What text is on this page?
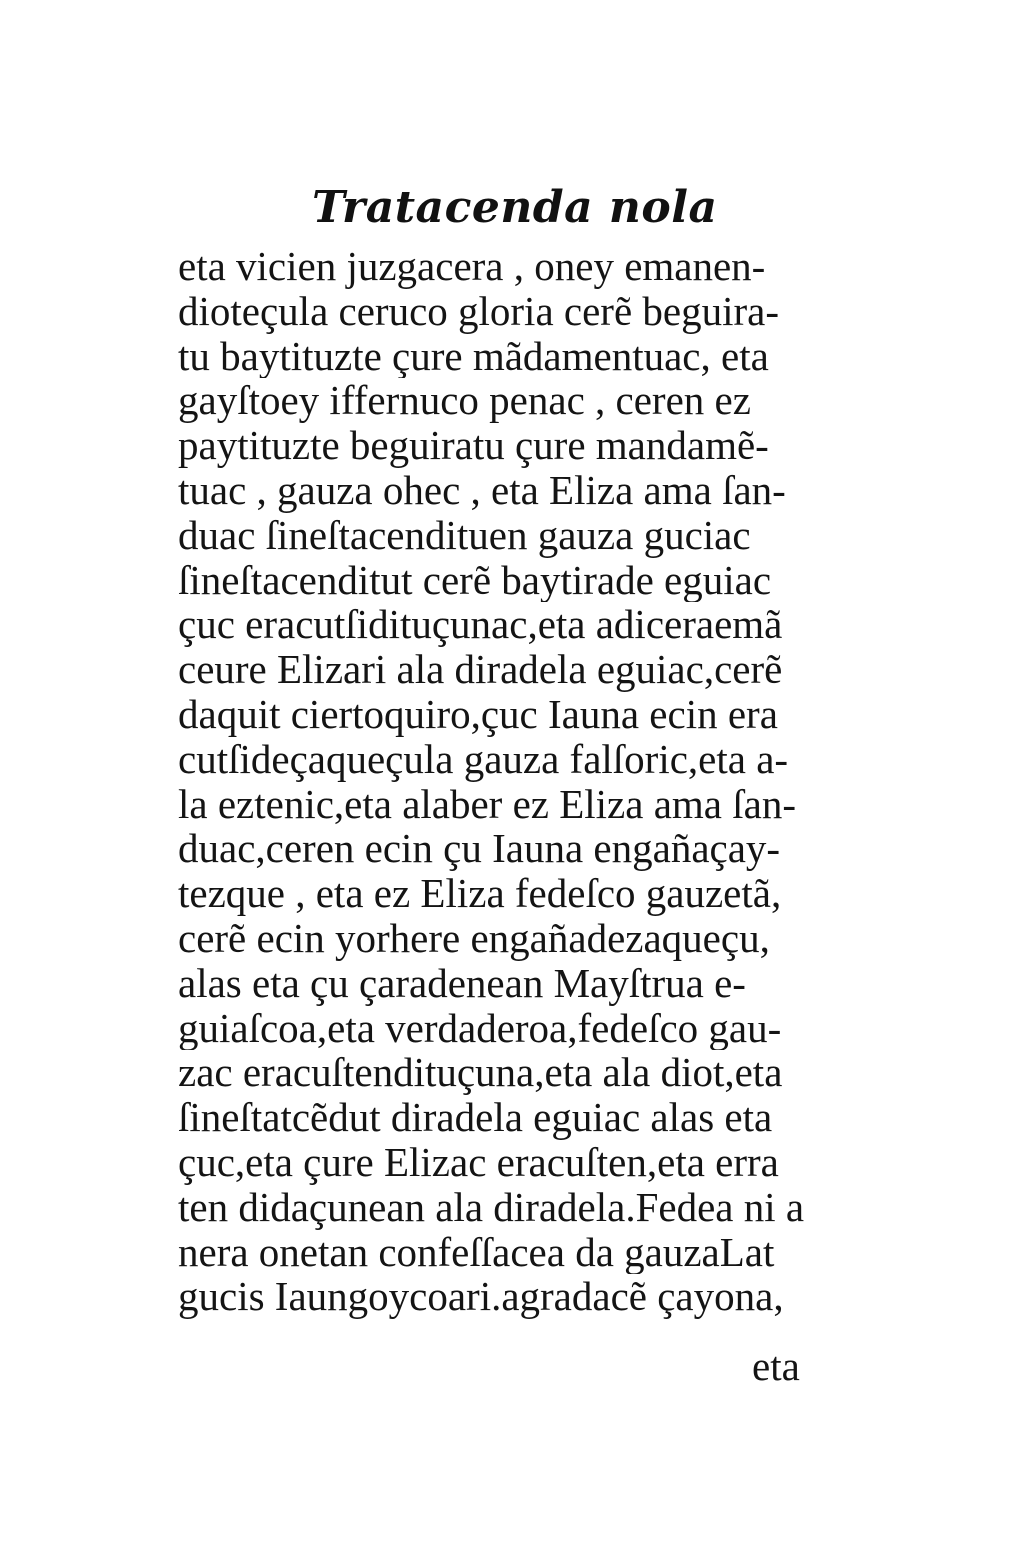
Tratacenda nola
eta vicien juzgacera , oney emanen-
dioteçula ceruco gloria cerẽ beguira-
tu baytituzte çure mãdamentuac, eta
gayſtoey iffernuco penac , ceren ez
paytituzte beguiratu çure mandamẽ-
tuac , gauza ohec , eta Eliza ama ſan-
duac ſineſtacendituen gauza guciac
ſineſtacenditut cerẽ baytirade eguiac
çuc eracutſidituçunac,eta adiceraemã
ceure Elizari ala diradela eguiac,cerẽ
daquit ciertoquiro,çuc Iauna ecin era
cutſideçaqueçula gauza falſoric,eta a-
la eztenic,eta alaber ez Eliza ama ſan-
duac,ceren ecin çu Iauna engañaçay-
tezque , eta ez Eliza fedeſco gauzetã,
cerẽ ecin yorhere engañadezaqueçu,
alas eta çu çaradenean Mayſtrua e-
guiaſcoa,eta verdaderoa,fedeſco gau-
zac eracuſtendituçuna,eta ala diot,eta
ſineſtatcẽdut diradela eguiac alas eta
çuc,eta çure Elizac eracuſten,eta erra
ten didaçunean ala diradela.Fedea ni a
nera onetan confeſſacea da gauzaLat
gucis Iaungoycoari.agradacẽ çayona,
eta
